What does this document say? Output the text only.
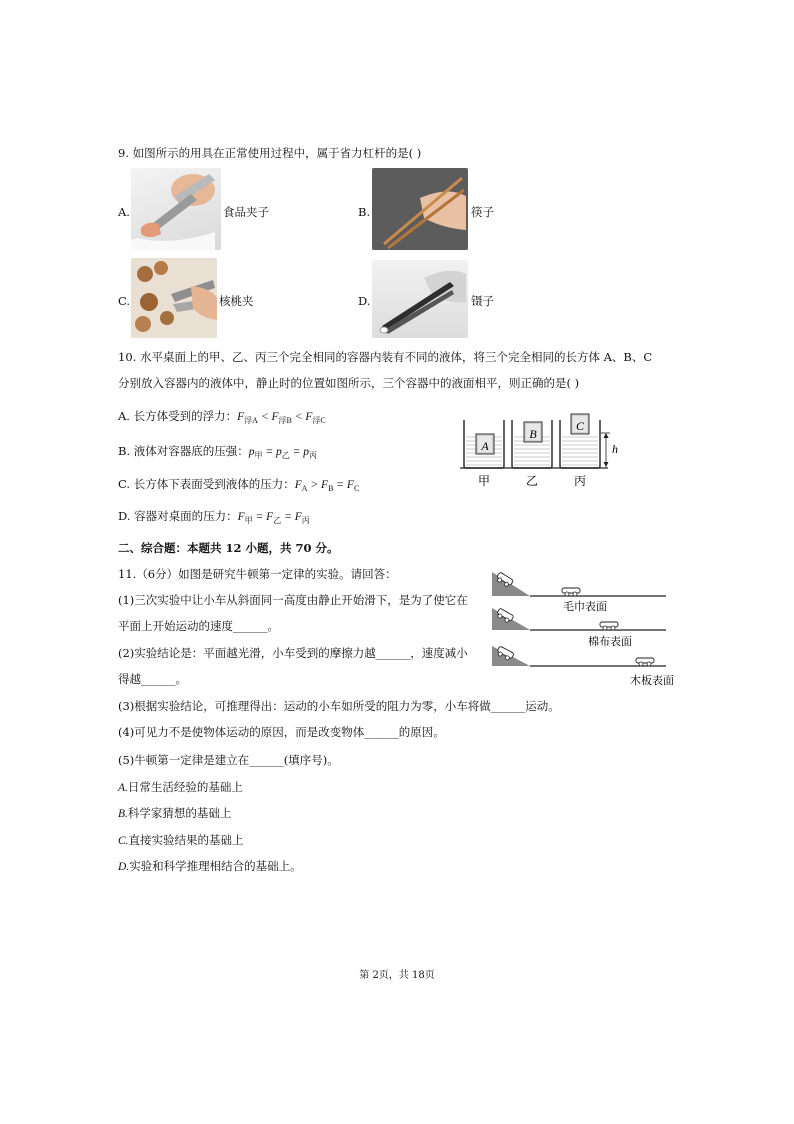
9. 如图所示的用具在正常使用过程中，属于省力杠杆的是( )
A.	食品夹子	B.	筷子
C.	核桃夹	D.	镊子
10. 水平桌面上的甲、乙、丙三个完全相同的容器内装有不同的液体，将三个完全相同的长方体 A、B、C
分别放入容器内的液体中，静止时的位置如图所示，三个容器中的液面相平，则正确的是( )
A. 长方体受到的浮力：$F_{浮A} < F_{浮B} < F_{浮C}$
B. 液体对容器底的压强：$p_甲 = p_乙 = p_丙$
C. 长方体下表面受到液体的压力：$F_A > F_B = F_C$
D. 容器对桌面的压力：$F_甲 = F_乙 = F_丙$
A
B
C
h
甲	乙	丙
二、综合题：本题共 12 小题，共 70 分。
11.（6分）如图是研究牛顿第一定律的实验。请回答：
(1)三次实验中让小车从斜面同一高度由静止开始滑下，是为了使它在
平面上开始运动的速度______。
(2)实验结论是：平面越光滑，小车受到的摩擦力越______，速度减小
得越______。
(3)根据实验结论，可推理得出：运动的小车如所受的阻力为零，小车将做______运动。
(4)可见力不是使物体运动的原因，而是改变物体______的原因。
(5)牛顿第一定律是建立在______(填序号)。
A.日常生活经验的基础上
B.科学家猜想的基础上
C.直接实验结果的基础上
D.实验和科学推理相结合的基础上。
毛巾表面
棉布表面
木板表面
第 2页，共 18页
